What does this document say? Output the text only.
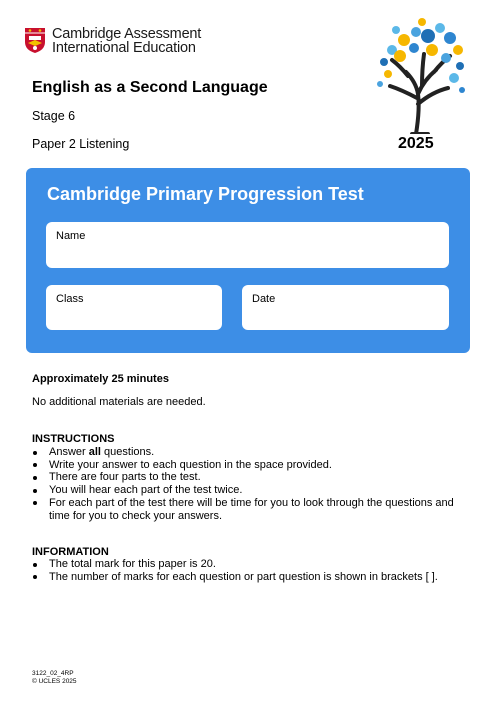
Cambridge Assessment
International Education
English as a Second Language
Stage 6
Paper 2 Listening	2025
Cambridge Primary Progression Test
Name
Class	Date
Approximately 25 minutes
No additional materials are needed.
INSTRUCTIONS
Answer all questions.
Write your answer to each question in the space provided.
There are four parts to the test.
You will hear each part of the test twice.
For each part of the test there will be time for you to look through the questions and time for you to check your answers.
INFORMATION
The total mark for this paper is 20.
The number of marks for each question or part question is shown in brackets [ ].
3122_02_4RP
© UCLES 2025
